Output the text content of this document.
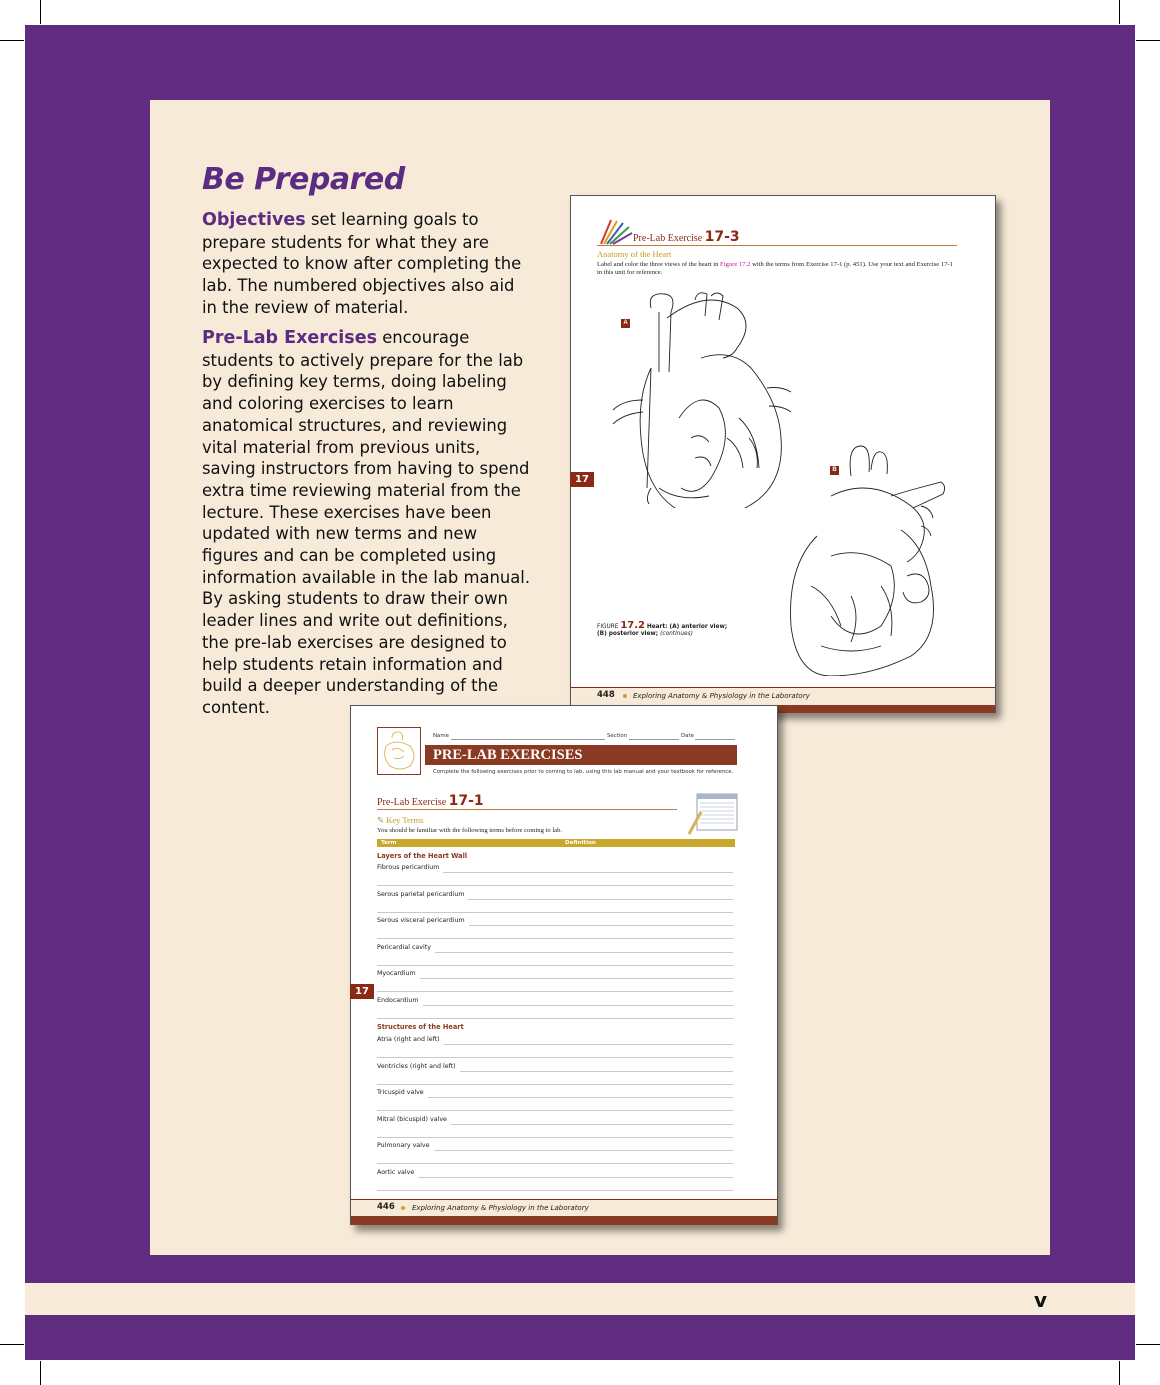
v
Be Prepared
Objectives set learning goals to prepare students for what they are expected to know after completing the lab. The numbered objectives also aid in the review of material.
Pre-Lab Exercises encourage students to actively prepare for the lab by defining key terms, doing labeling and coloring exercises to learn anatomical structures, and reviewing vital material from previous units, saving instructors from having to spend extra time reviewing material from the lecture. These exercises have been updated with new terms and new figures and can be completed using information available in the lab manual. By asking students to draw their own leader lines and write out definitions, the pre-lab exercises are designed to help students retain information and build a deeper understanding of the content.
Pre-Lab Exercise 17-3
Anatomy of the Heart
Label and color the three views of the heart in Figure 17.2 with the terms from Exercise 17-1 (p. 451). Use your text and Exercise 17-1 in this unit for reference.
A
B
FIGURE 17.2 Heart: (A) anterior view; (B) posterior view; (continues)
448	Exploring Anatomy & Physiology in the Laboratory
17
Name	Section	Date
PRE-LAB EXERCISES
Complete the following exercises prior to coming to lab, using this lab manual and your textbook for reference.
Pre-Lab Exercise 17-1
✎ Key Terms
You should be familiar with the following terms before coming to lab.
Term	Definition
Layers of the Heart Wall
Fibrous pericardium
Serous parietal pericardium
Serous visceral pericardium
Pericardial cavity
Myocardium
Endocardium
Structures of the Heart
Atria (right and left)
Ventricles (right and left)
Tricuspid valve
Mitral (bicuspid) valve
Pulmonary valve
Aortic valve
446 Exploring Anatomy & Physiology in the Laboratory
17
